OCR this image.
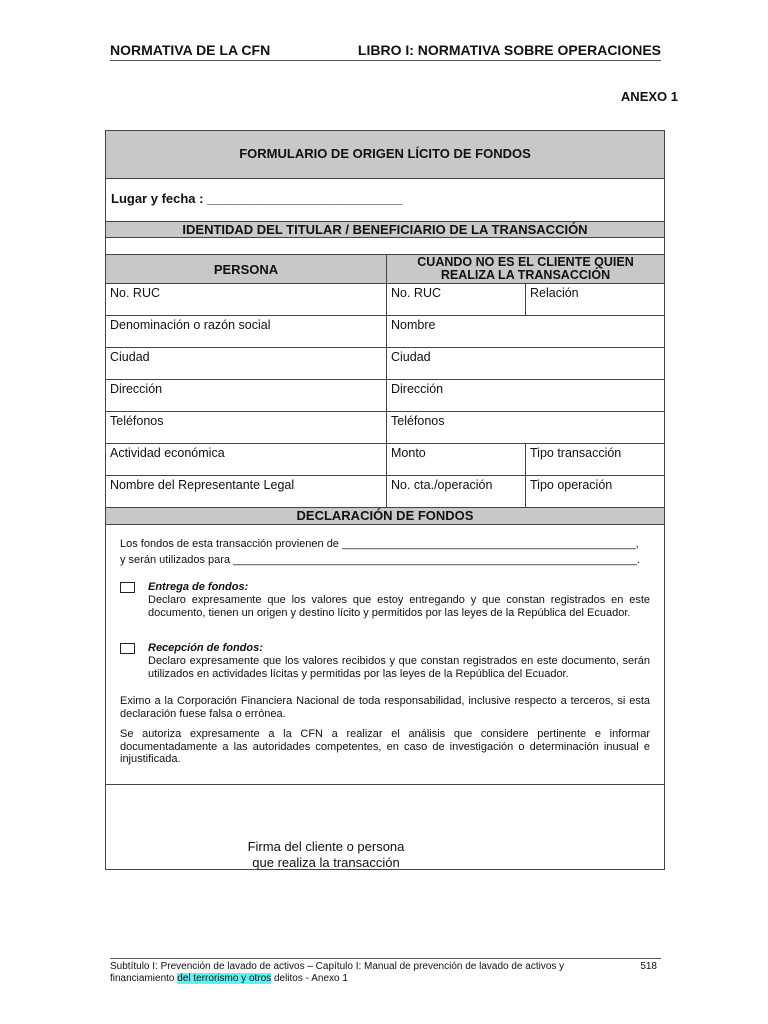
NORMATIVA DE LA CFN	LIBRO I: NORMATIVA SOBRE OPERACIONES
ANEXO 1
FORMULARIO DE ORIGEN LÍCITO DE FONDOS
Lugar y fecha : ___________________________
IDENTIDAD DEL TITULAR / BENEFICIARIO DE LA TRANSACCIÓN
PERSONA	CUANDO NO ES EL CLIENTE QUIEN
REALIZA LA TRANSACCIÓN
No. RUC	No. RUC	Relación
Denominación o razón social	Nombre
Ciudad	Ciudad
Dirección	Dirección
Teléfonos	Teléfonos
Actividad económica	Monto	Tipo transacción
Nombre del Representante Legal	No. cta./operación	Tipo operación
DECLARACIÓN DE FONDOS
Los fondos de esta transacción provienen de ________________________________________________,
y serán utilizados para __________________________________________________________________.
Entrega de fondos:
Declaro expresamente que los valores que estoy entregando y que constan registrados en este documento, tienen un origen y destino lícito y permitidos por las leyes de la República del Ecuador.
Recepción de fondos:
Declaro expresamente que los valores recibidos y que constan registrados en este documento, serán utilizados en actividades lícitas y permitidas por las leyes de la República del Ecuador.
Eximo a la Corporación Financiera Nacional de toda responsabilidad, inclusive respecto a terceros, si esta declaración fuese falsa o errónea.
Se autoriza expresamente a la CFN a realizar el análisis que considere pertinente e informar documentadamente a las autoridades competentes, en caso de investigación o determinación inusual e injustificada.
Firma del cliente o persona
que realiza la transacción
Subtítulo I: Prevención de lavado de activos – Capítulo I: Manual de prevención de lavado de activos y
financiamiento del terrorismo y otros delitos - Anexo 1
518
